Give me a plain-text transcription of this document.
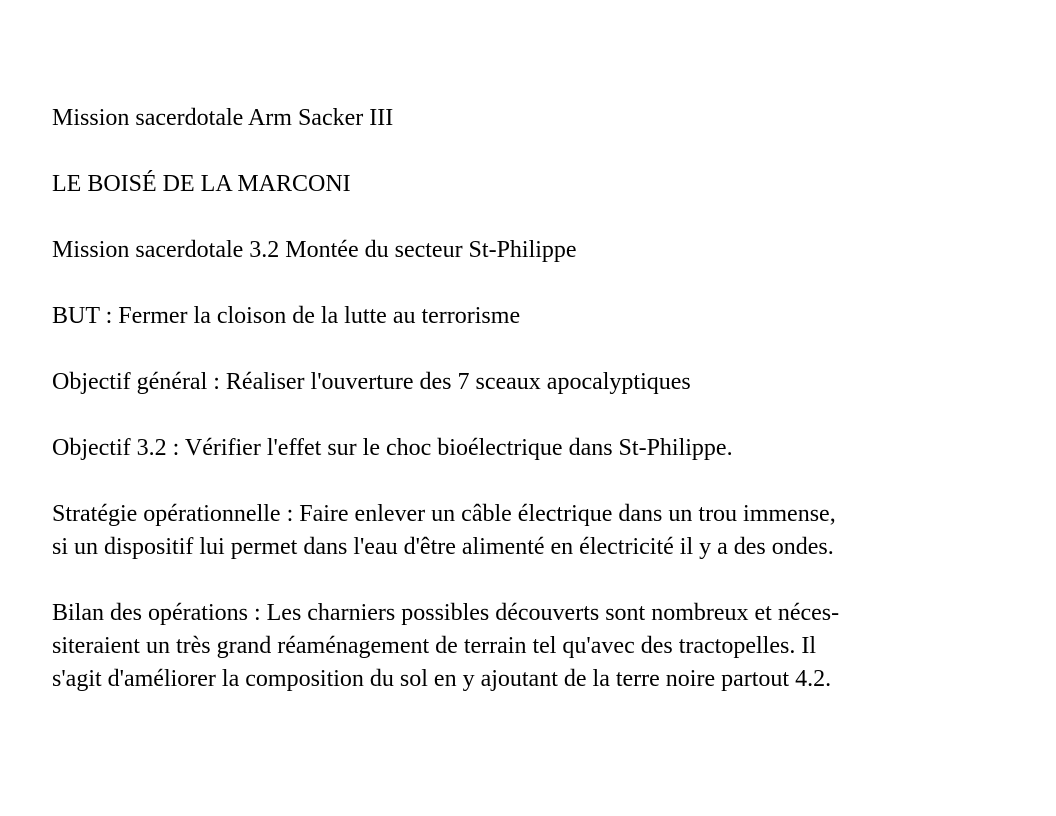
Mission sacerdotale Arm Sacker III
LE BOISÉ DE LA MARCONI
Mission sacerdotale 3.2 Montée du secteur St-Philippe
BUT : Fermer la cloison de la lutte au terrorisme
Objectif général : Réaliser l'ouverture des 7 sceaux apocalyptiques
Objectif 3.2 : Vérifier l'effet sur le choc bioélectrique dans St-Philippe.
Stratégie opérationnelle : Faire enlever un câble électrique dans un trou immense,
si un dispositif lui permet dans l'eau d'être alimenté en électricité il y a des ondes.
Bilan des opérations : Les charniers possibles découverts sont nombreux et néces-
siteraient un très grand réaménagement de terrain tel qu'avec des tractopelles. Il
s'agit d'améliorer la composition du sol en y ajoutant de la terre noire partout 4.2.
